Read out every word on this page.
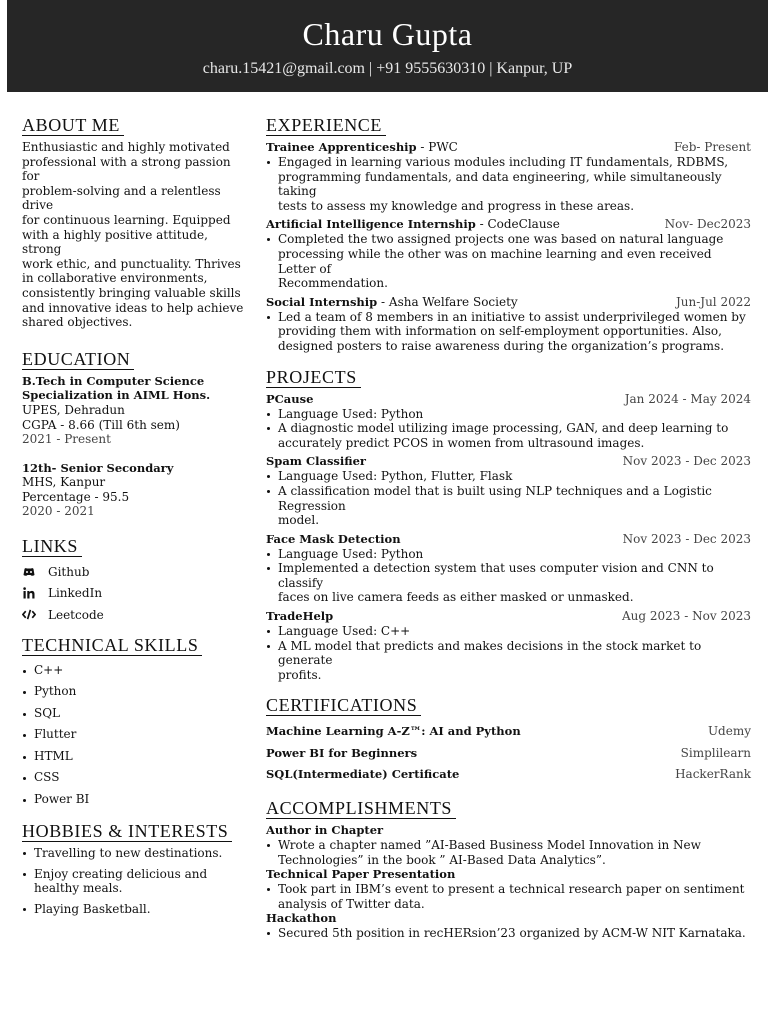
Charu Gupta
charu.15421@gmail.com | +91 9555630310 | Kanpur, UP
ABOUT ME
Enthusiastic and highly motivated
professional with a strong passion for
problem-solving and a relentless drive
for continuous learning. Equipped
with a highly positive attitude, strong
work ethic, and punctuality. Thrives
in collaborative environments,
consistently bringing valuable skills
and innovative ideas to help achieve
shared objectives.
EDUCATION
B.Tech in Computer Science
Specialization in AIML Hons.
UPES, Dehradun
CGPA - 8.66 (Till 6th sem)
2021 - Present
12th- Senior Secondary
MHS, Kanpur
Percentage - 95.5
2020 - 2021
LINKS
Github
LinkedIn
Leetcode
TECHNICAL SKILLS
C++
Python
SQL
Flutter
HTML
CSS
Power BI
HOBBIES & INTERESTS
Travelling to new destinations.
Enjoy creating delicious and
healthy meals.
Playing Basketball.
EXPERIENCE
Trainee Apprenticeship - PWC	Feb- Present
Engaged in learning various modules including IT fundamentals, RDBMS,
programming fundamentals, and data engineering, while simultaneously taking
tests to assess my knowledge and progress in these areas.
Artificial Intelligence Internship - CodeClause	Nov- Dec2023
Completed the two assigned projects one was based on natural language
processing while the other was on machine learning and even received Letter of
Recommendation.
Social Internship - Asha Welfare Society	Jun-Jul 2022
Led a team of 8 members in an initiative to assist underprivileged women by
providing them with information on self-employment opportunities. Also,
designed posters to raise awareness during the organization’s programs.
PROJECTS
PCause	Jan 2024 - May 2024
Language Used: Python
A diagnostic model utilizing image processing, GAN, and deep learning to
accurately predict PCOS in women from ultrasound images.
Spam Classifier	Nov 2023 - Dec 2023
Language Used: Python, Flutter, Flask
A classification model that is built using NLP techniques and a Logistic Regression
model.
Face Mask Detection	Nov 2023 - Dec 2023
Language Used: Python
Implemented a detection system that uses computer vision and CNN to classify
faces on live camera feeds as either masked or unmasked.
TradeHelp	Aug 2023 - Nov 2023
Language Used: C++
A ML model that predicts and makes decisions in the stock market to generate
profits.
CERTIFICATIONS
Machine Learning A-Z™: AI and Python	Udemy
Power BI for Beginners	Simplilearn
SQL(Intermediate) Certificate	HackerRank
ACCOMPLISHMENTS
Author in Chapter
Wrote a chapter named ”AI-Based Business Model Innovation in New
Technologies” in the book ” AI-Based Data Analytics”.
Technical Paper Presentation
Took part in IBM’s event to present a technical research paper on sentiment
analysis of Twitter data.
Hackathon
Secured 5th position in recHERsion’23 organized by ACM-W NIT Karnataka.
